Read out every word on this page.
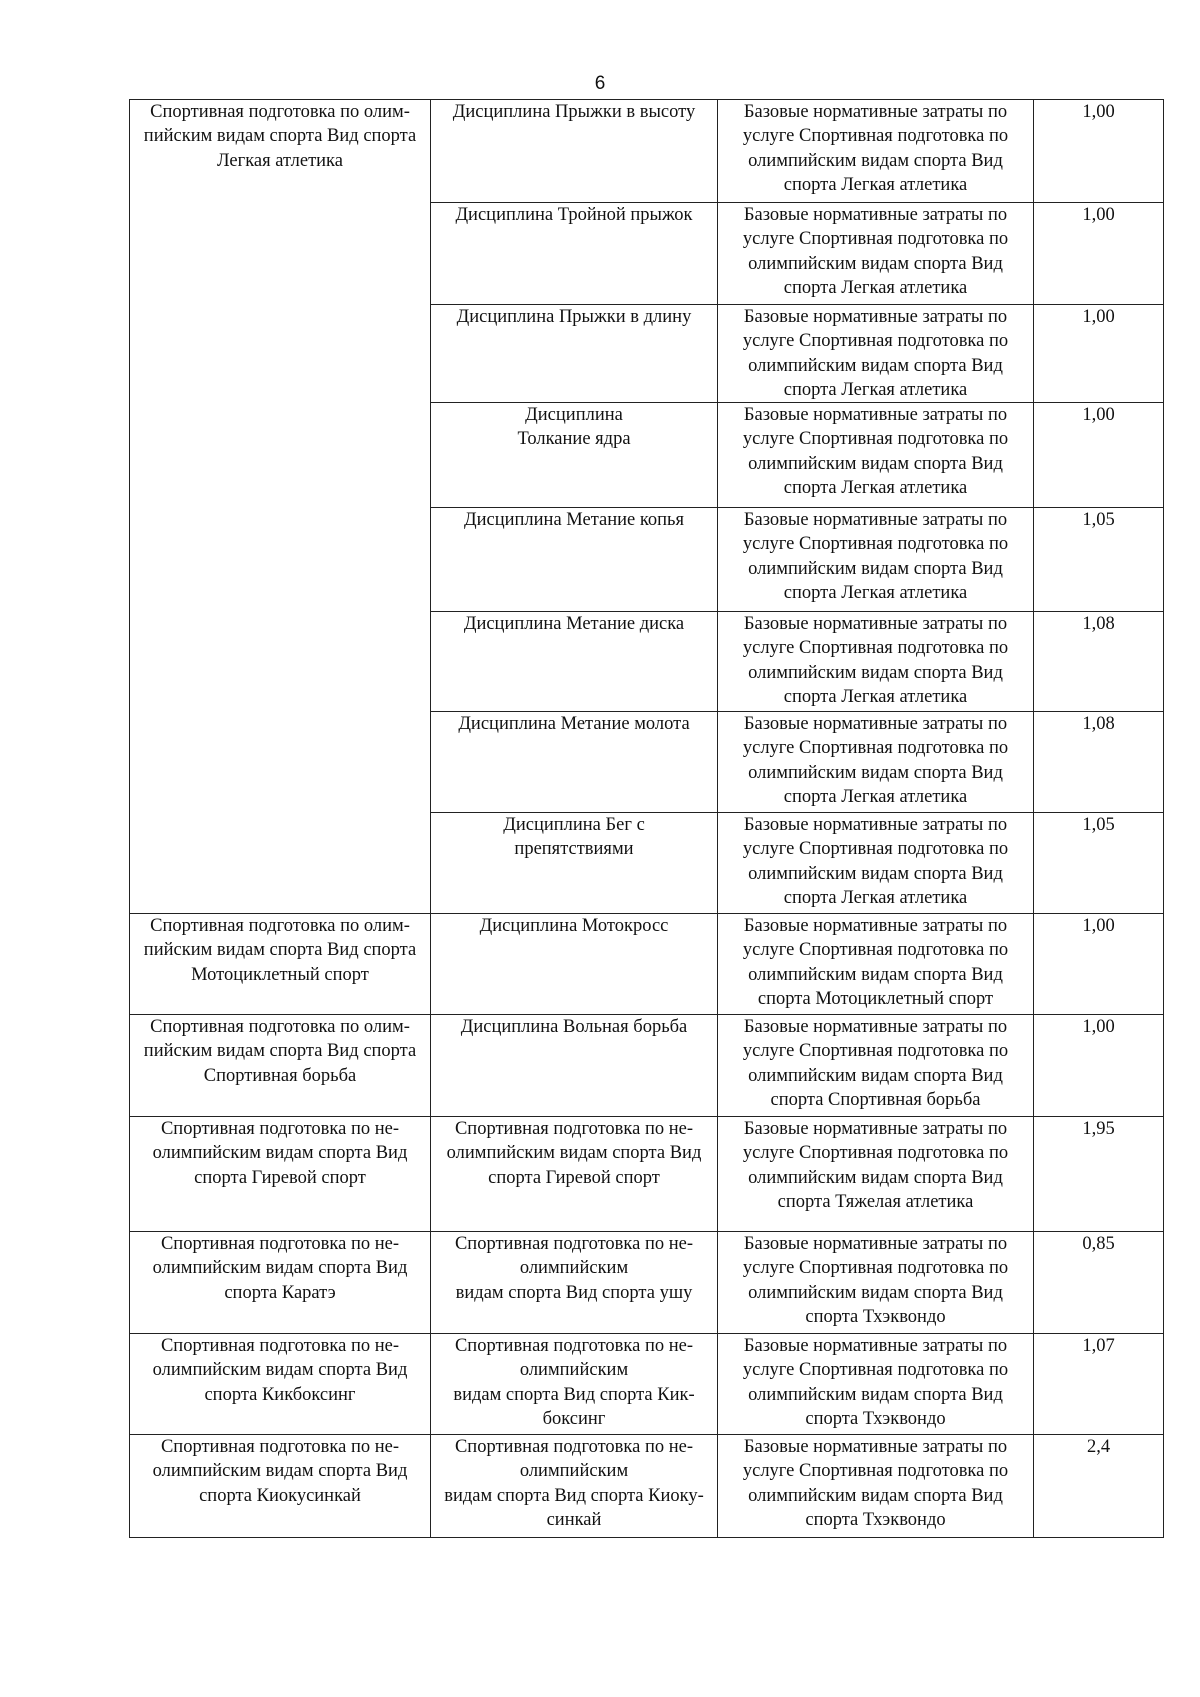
6
Спортивная подготовка по олим-
пийским видам спорта Вид спорта
Легкая атлетика	Дисциплина Прыжки в высоту	Базовые нормативные затраты по
услуге Спортивная подготовка по
олимпийским видам спорта Вид
спорта Легкая атлетика	1,00
	Дисциплина Тройной прыжок	Базовые нормативные затраты по
услуге Спортивная подготовка по
олимпийским видам спорта Вид
спорта Легкая атлетика	1,00
	Дисциплина Прыжки в длину	Базовые нормативные затраты по
услуге Спортивная подготовка по
олимпийским видам спорта Вид
спорта Легкая атлетика	1,00
	Дисциплина
Толкание ядра	Базовые нормативные затраты по
услуге Спортивная подготовка по
олимпийским видам спорта Вид
спорта Легкая атлетика	1,00
	Дисциплина Метание копья	Базовые нормативные затраты по
услуге Спортивная подготовка по
олимпийским видам спорта Вид
спорта Легкая атлетика	1,05
	Дисциплина Метание диска	Базовые нормативные затраты по
услуге Спортивная подготовка по
олимпийским видам спорта Вид
спорта Легкая атлетика	1,08
	Дисциплина Метание молота	Базовые нормативные затраты по
услуге Спортивная подготовка по
олимпийским видам спорта Вид
спорта Легкая атлетика	1,08
	Дисциплина Бег с
препятствиями	Базовые нормативные затраты по
услуге Спортивная подготовка по
олимпийским видам спорта Вид
спорта Легкая атлетика	1,05
Спортивная подготовка по олим-
пийским видам спорта Вид спорта
Мотоциклетный спорт	Дисциплина Мотокросс	Базовые нормативные затраты по
услуге Спортивная подготовка по
олимпийским видам спорта Вид
спорта Мотоциклетный спорт	1,00
Спортивная подготовка по олим-
пийским видам спорта Вид спорта
Спортивная борьба	Дисциплина Вольная борьба	Базовые нормативные затраты по
услуге Спортивная подготовка по
олимпийским видам спорта Вид
спорта Спортивная борьба	1,00
Спортивная подготовка по не-
олимпийским видам спорта Вид
спорта Гиревой спорт	Спортивная подготовка по не-
олимпийским видам спорта Вид
спорта Гиревой спорт	Базовые нормативные затраты по
услуге Спортивная подготовка по
олимпийским видам спорта Вид
спорта Тяжелая атлетика	1,95
Спортивная подготовка по не-
олимпийским видам спорта Вид
спорта Каратэ	Спортивная подготовка по не-
олимпийским
видам спорта Вид спорта ушу	Базовые нормативные затраты по
услуге Спортивная подготовка по
олимпийским видам спорта Вид
спорта Тхэквондо	0,85
Спортивная подготовка по не-
олимпийским видам спорта Вид
спорта Кикбоксинг	Спортивная подготовка по не-
олимпийским
видам спорта Вид спорта Кик-
боксинг	Базовые нормативные затраты по
услуге Спортивная подготовка по
олимпийским видам спорта Вид
спорта Тхэквондо	1,07
Спортивная подготовка по не-
олимпийским видам спорта Вид
спорта Киокусинкай	Спортивная подготовка по не-
олимпийским
видам спорта Вид спорта Киоку-
синкай	Базовые нормативные затраты по
услуге Спортивная подготовка по
олимпийским видам спорта Вид
спорта Тхэквондо	2,4
